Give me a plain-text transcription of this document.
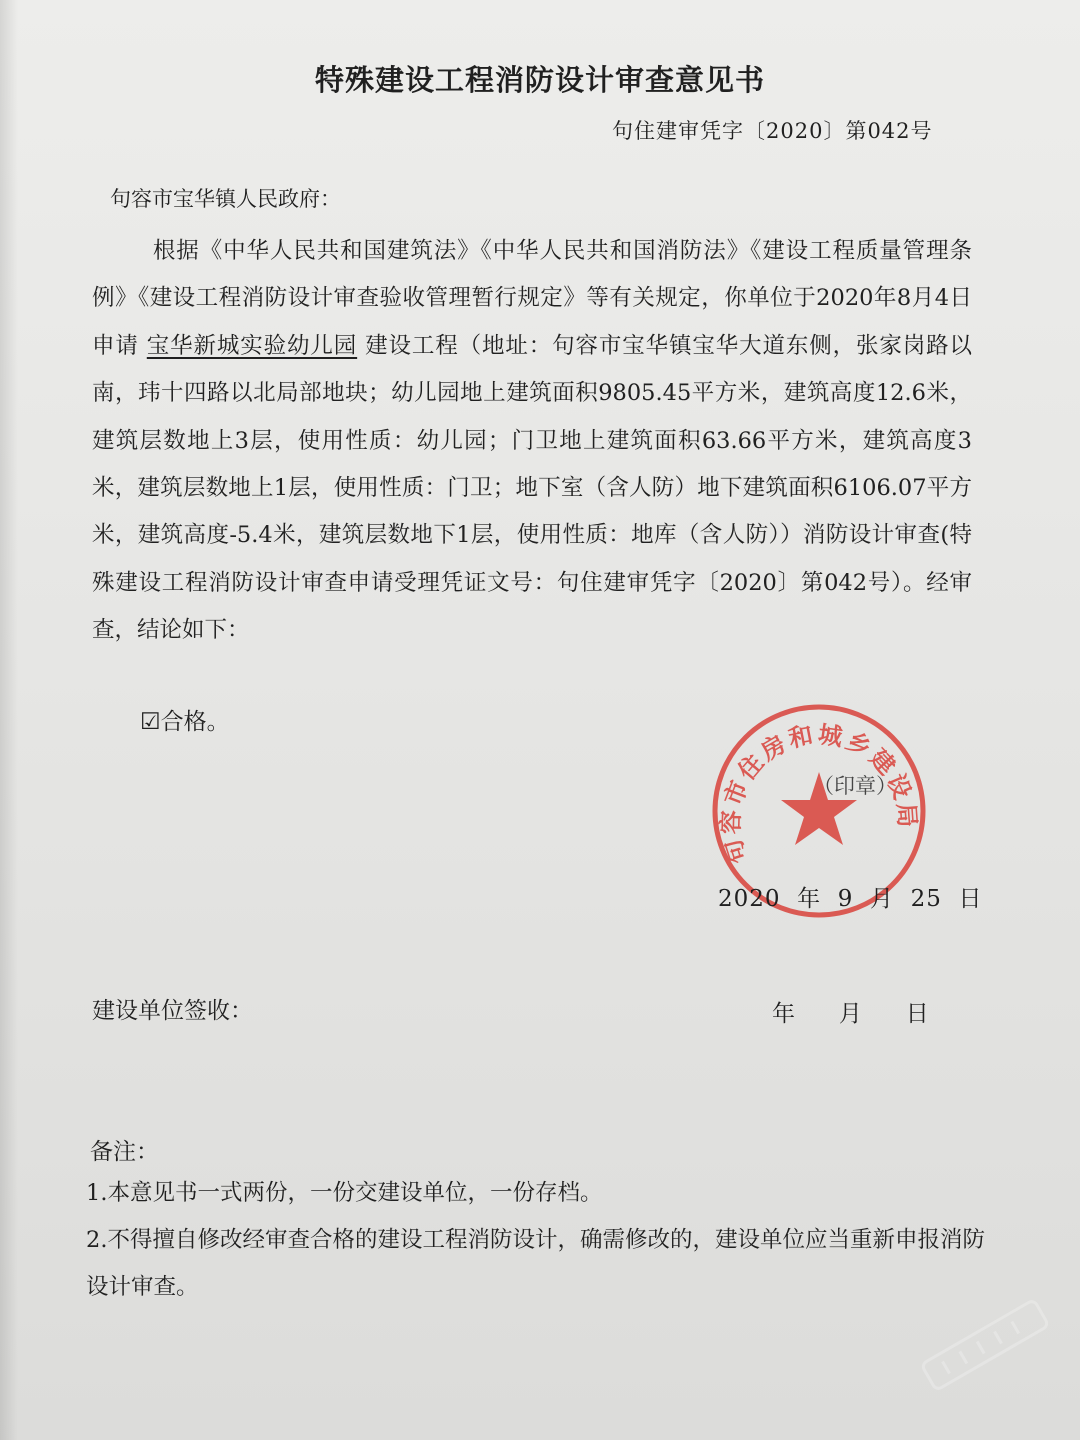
特殊建设工程消防设计审查意见书
句住建审凭字〔2020〕第042号
句容市宝华镇人民政府：
根据《中华人民共和国建筑法》《中华人民共和国消防法》《建设工程质量管理条例》《建设工程消防设计审查验收管理暂行规定》等有关规定，你单位于2020年8月4日申请 宝华新城实验幼儿园 建设工程（地址：句容市宝华镇宝华大道东侧，张家岗路以南，玮十四路以北局部地块；幼儿园地上建筑面积9805.45平方米，建筑高度12.6米，建筑层数地上3层，使用性质：幼儿园；门卫地上建筑面积63.66平方米，建筑高度3米，建筑层数地上1层，使用性质：门卫；地下室（含人防）地下建筑面积6106.07平方米，建筑高度-5.4米，建筑层数地下1层，使用性质：地库（含人防））消防设计审查(特殊建设工程消防设计审查申请受理凭证文号：句住建审凭字〔2020〕第042号）。经审查，结论如下：
☑合格。
句容市住房和城乡建设局
（印章）
2020  年  9  月  25  日
建设单位签收：	年      月      日
备注：
1.本意见书一式两份，一份交建设单位，一份存档。
2.不得擅自修改经审查合格的建设工程消防设计，确需修改的，建设单位应当重新申报消防设计审查。
